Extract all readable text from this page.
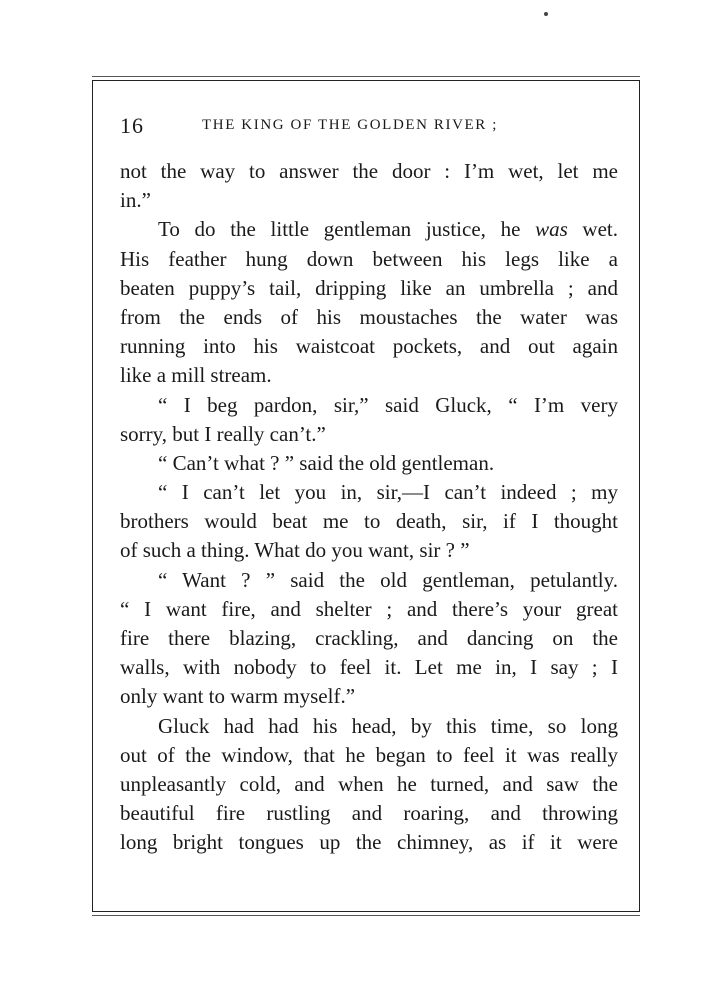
16	THE KING OF THE GOLDEN RIVER ;
not the way to answer the door : I’m wet, let me
in.”
To do the little gentleman justice, he was wet.
His feather hung down between his legs like a
beaten puppy’s tail, dripping like an umbrella ; and
from the ends of his moustaches the water was
running into his waistcoat pockets, and out again
like a mill stream.
“ I beg pardon, sir,” said Gluck, “ I’m very
sorry, but I really can’t.”
“ Can’t what ? ” said the old gentleman.
“ I can’t let you in, sir,—I can’t indeed ; my
brothers would beat me to death, sir, if I thought
of such a thing. What do you want, sir ? ”
“ Want ? ” said the old gentleman, petulantly.
“ I want fire, and shelter ; and there’s your great
fire there blazing, crackling, and dancing on the
walls, with nobody to feel it. Let me in, I say ; I
only want to warm myself.”
Gluck had had his head, by this time, so long
out of the window, that he began to feel it was really
unpleasantly cold, and when he turned, and saw the
beautiful fire rustling and roaring, and throwing
long bright tongues up the chimney, as if it were
